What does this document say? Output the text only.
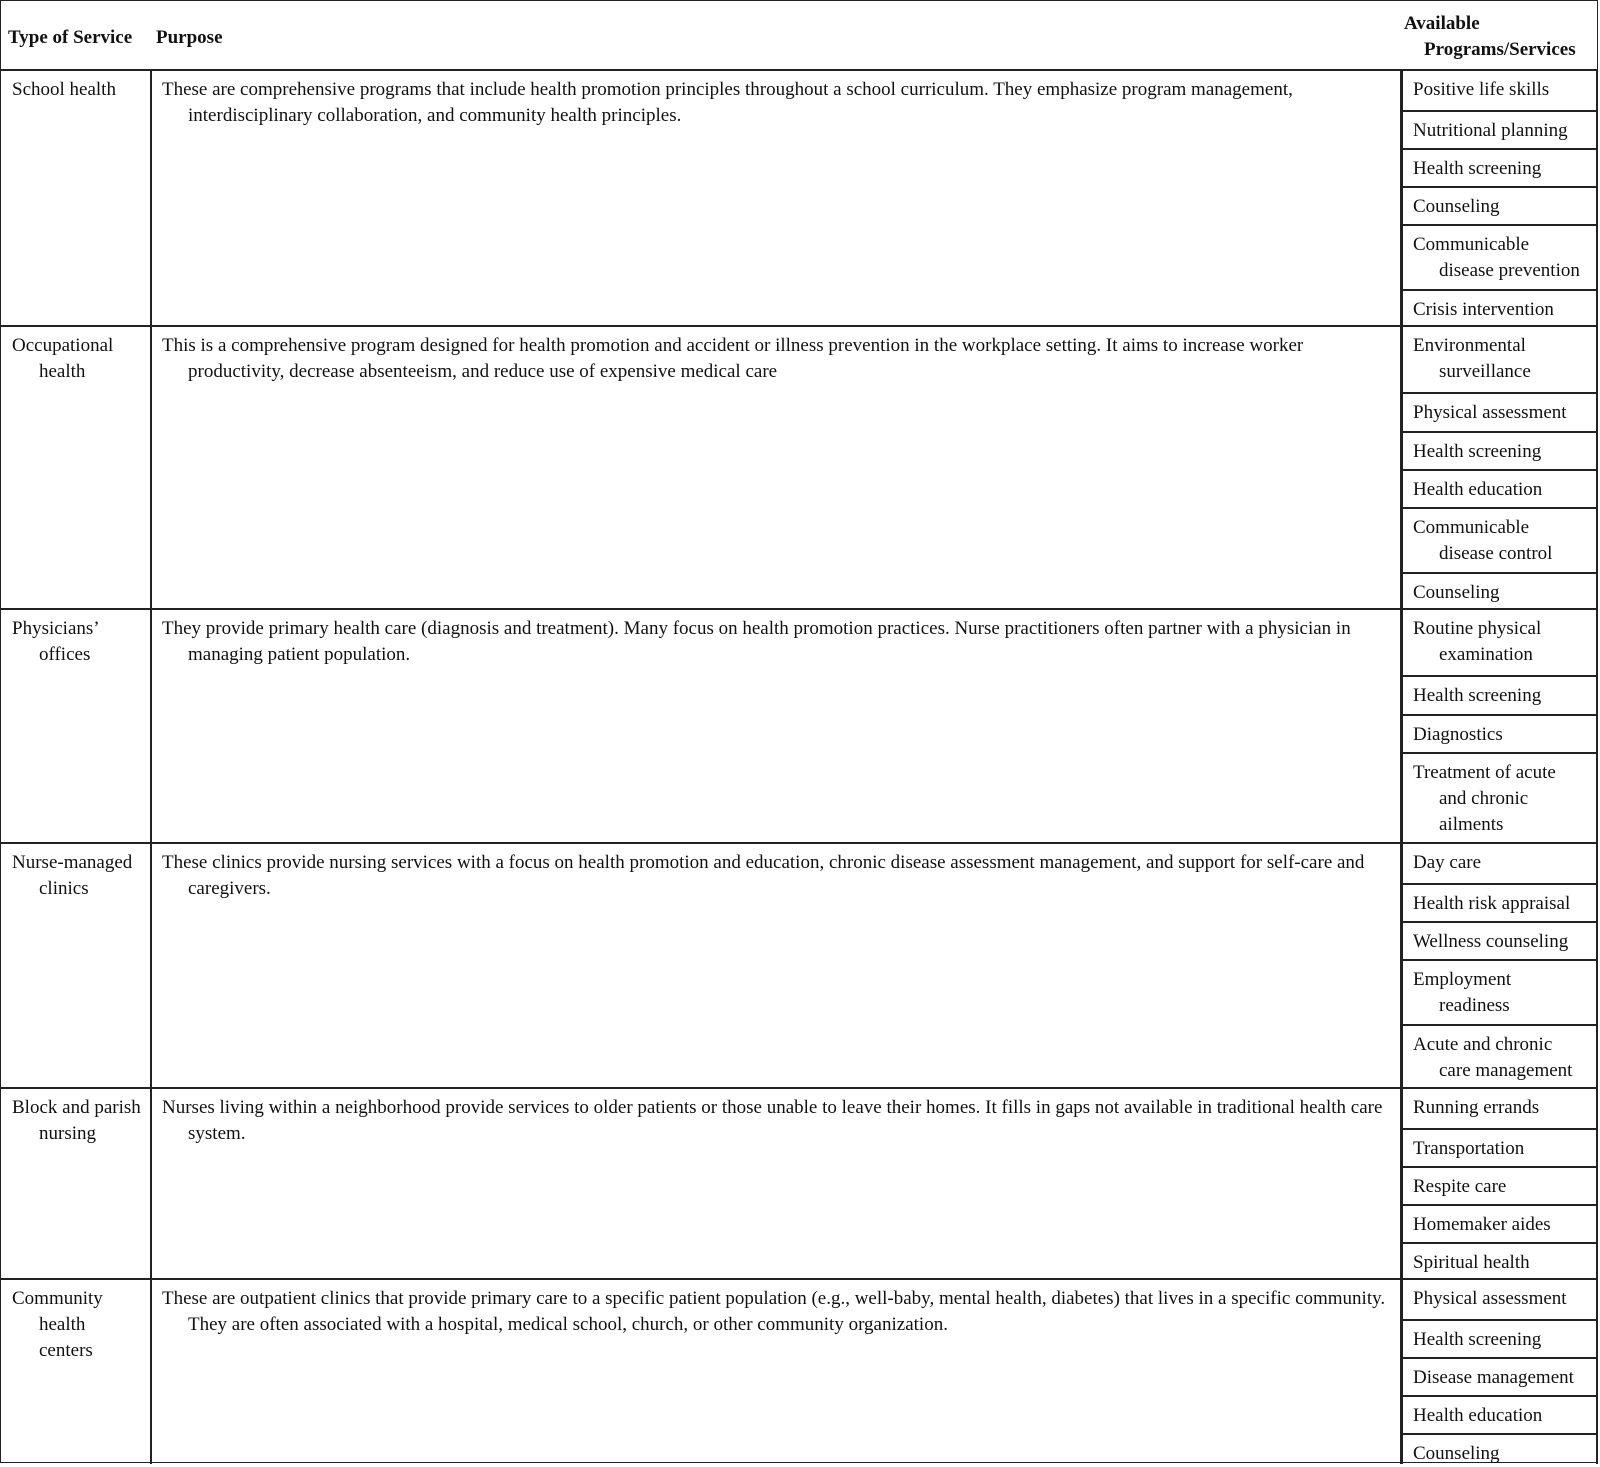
Type of Service Purpose
Available
Programs/Services
School health	These are comprehensive programs that include health promotion principles throughout a school curriculum. They emphasize program management, interdisciplinary collaboration, and community health principles.
Positive life skills
Nutritional planning
Health screening
Counseling
Communicable
disease prevention
Crisis intervention
Occupational
health
This is a comprehensive program designed for health promotion and accident or illness prevention in the workplace setting. It aims to increase worker productivity, decrease absenteeism, and reduce use of expensive medical care
Environmental
surveillance
Physical assessment
Health screening
Health education
Communicable
disease control
Counseling
Physicians’
offices
They provide primary health care (diagnosis and treatment). Many focus on health promotion practices. Nurse practitioners often partner with a physician in managing patient population.
Routine physical
examination
Health screening
Diagnostics
Treatment of acute
and chronic
ailments
Nurse-managed
clinics
These clinics provide nursing services with a focus on health promotion and education, chronic disease assessment management, and support for self-care and caregivers.
Day care
Health risk appraisal
Wellness counseling
Employment
readiness
Acute and chronic
care management
Block and parish
nursing
Nurses living within a neighborhood provide services to older patients or those unable to leave their homes. It fills in gaps not available in traditional health care system.
Running errands
Transportation
Respite care
Homemaker aides
Spiritual health
Community
health
centers
These are outpatient clinics that provide primary care to a specific patient population (e.g., well-baby, mental health, diabetes) that lives in a specific community. They are often associated with a hospital, medical school, church, or other community organization.
Physical assessment
Health screening
Disease management
Health education
Counseling
